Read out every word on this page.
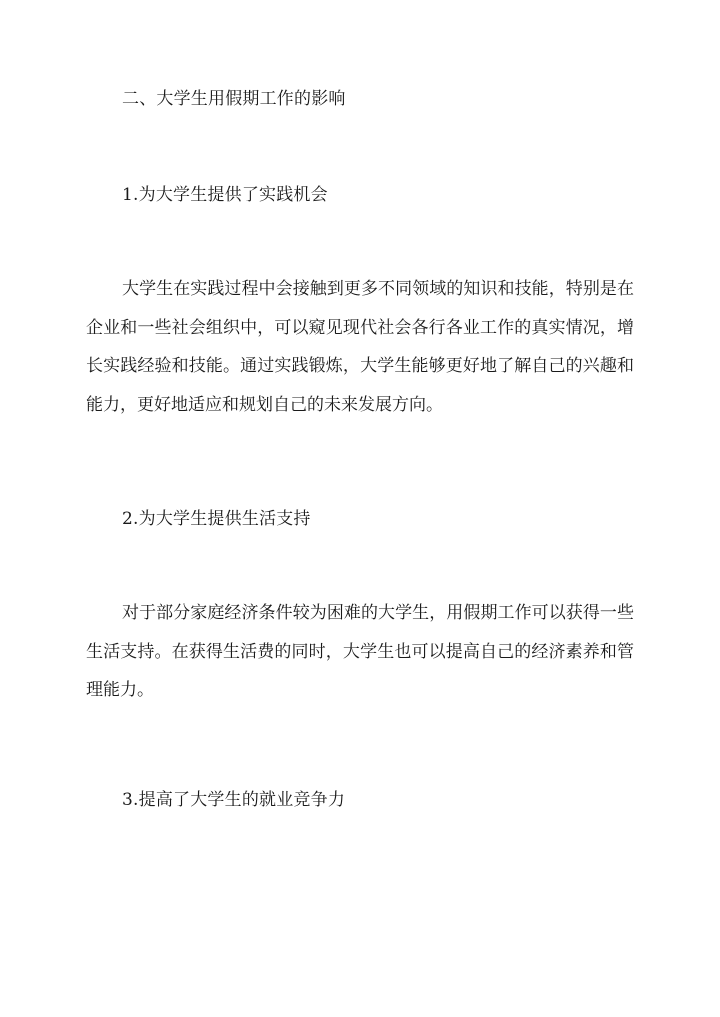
二、大学生用假期工作的影响
1.为大学生提供了实践机会
大学生在实践过程中会接触到更多不同领域的知识和技能，特别是在企业和一些社会组织中，可以窥见现代社会各行各业工作的真实情况，增长实践经验和技能。通过实践锻炼，大学生能够更好地了解自己的兴趣和能力，更好地适应和规划自己的未来发展方向。
2.为大学生提供生活支持
对于部分家庭经济条件较为困难的大学生，用假期工作可以获得一些生活支持。在获得生活费的同时，大学生也可以提高自己的经济素养和管理能力。
3.提高了大学生的就业竞争力
